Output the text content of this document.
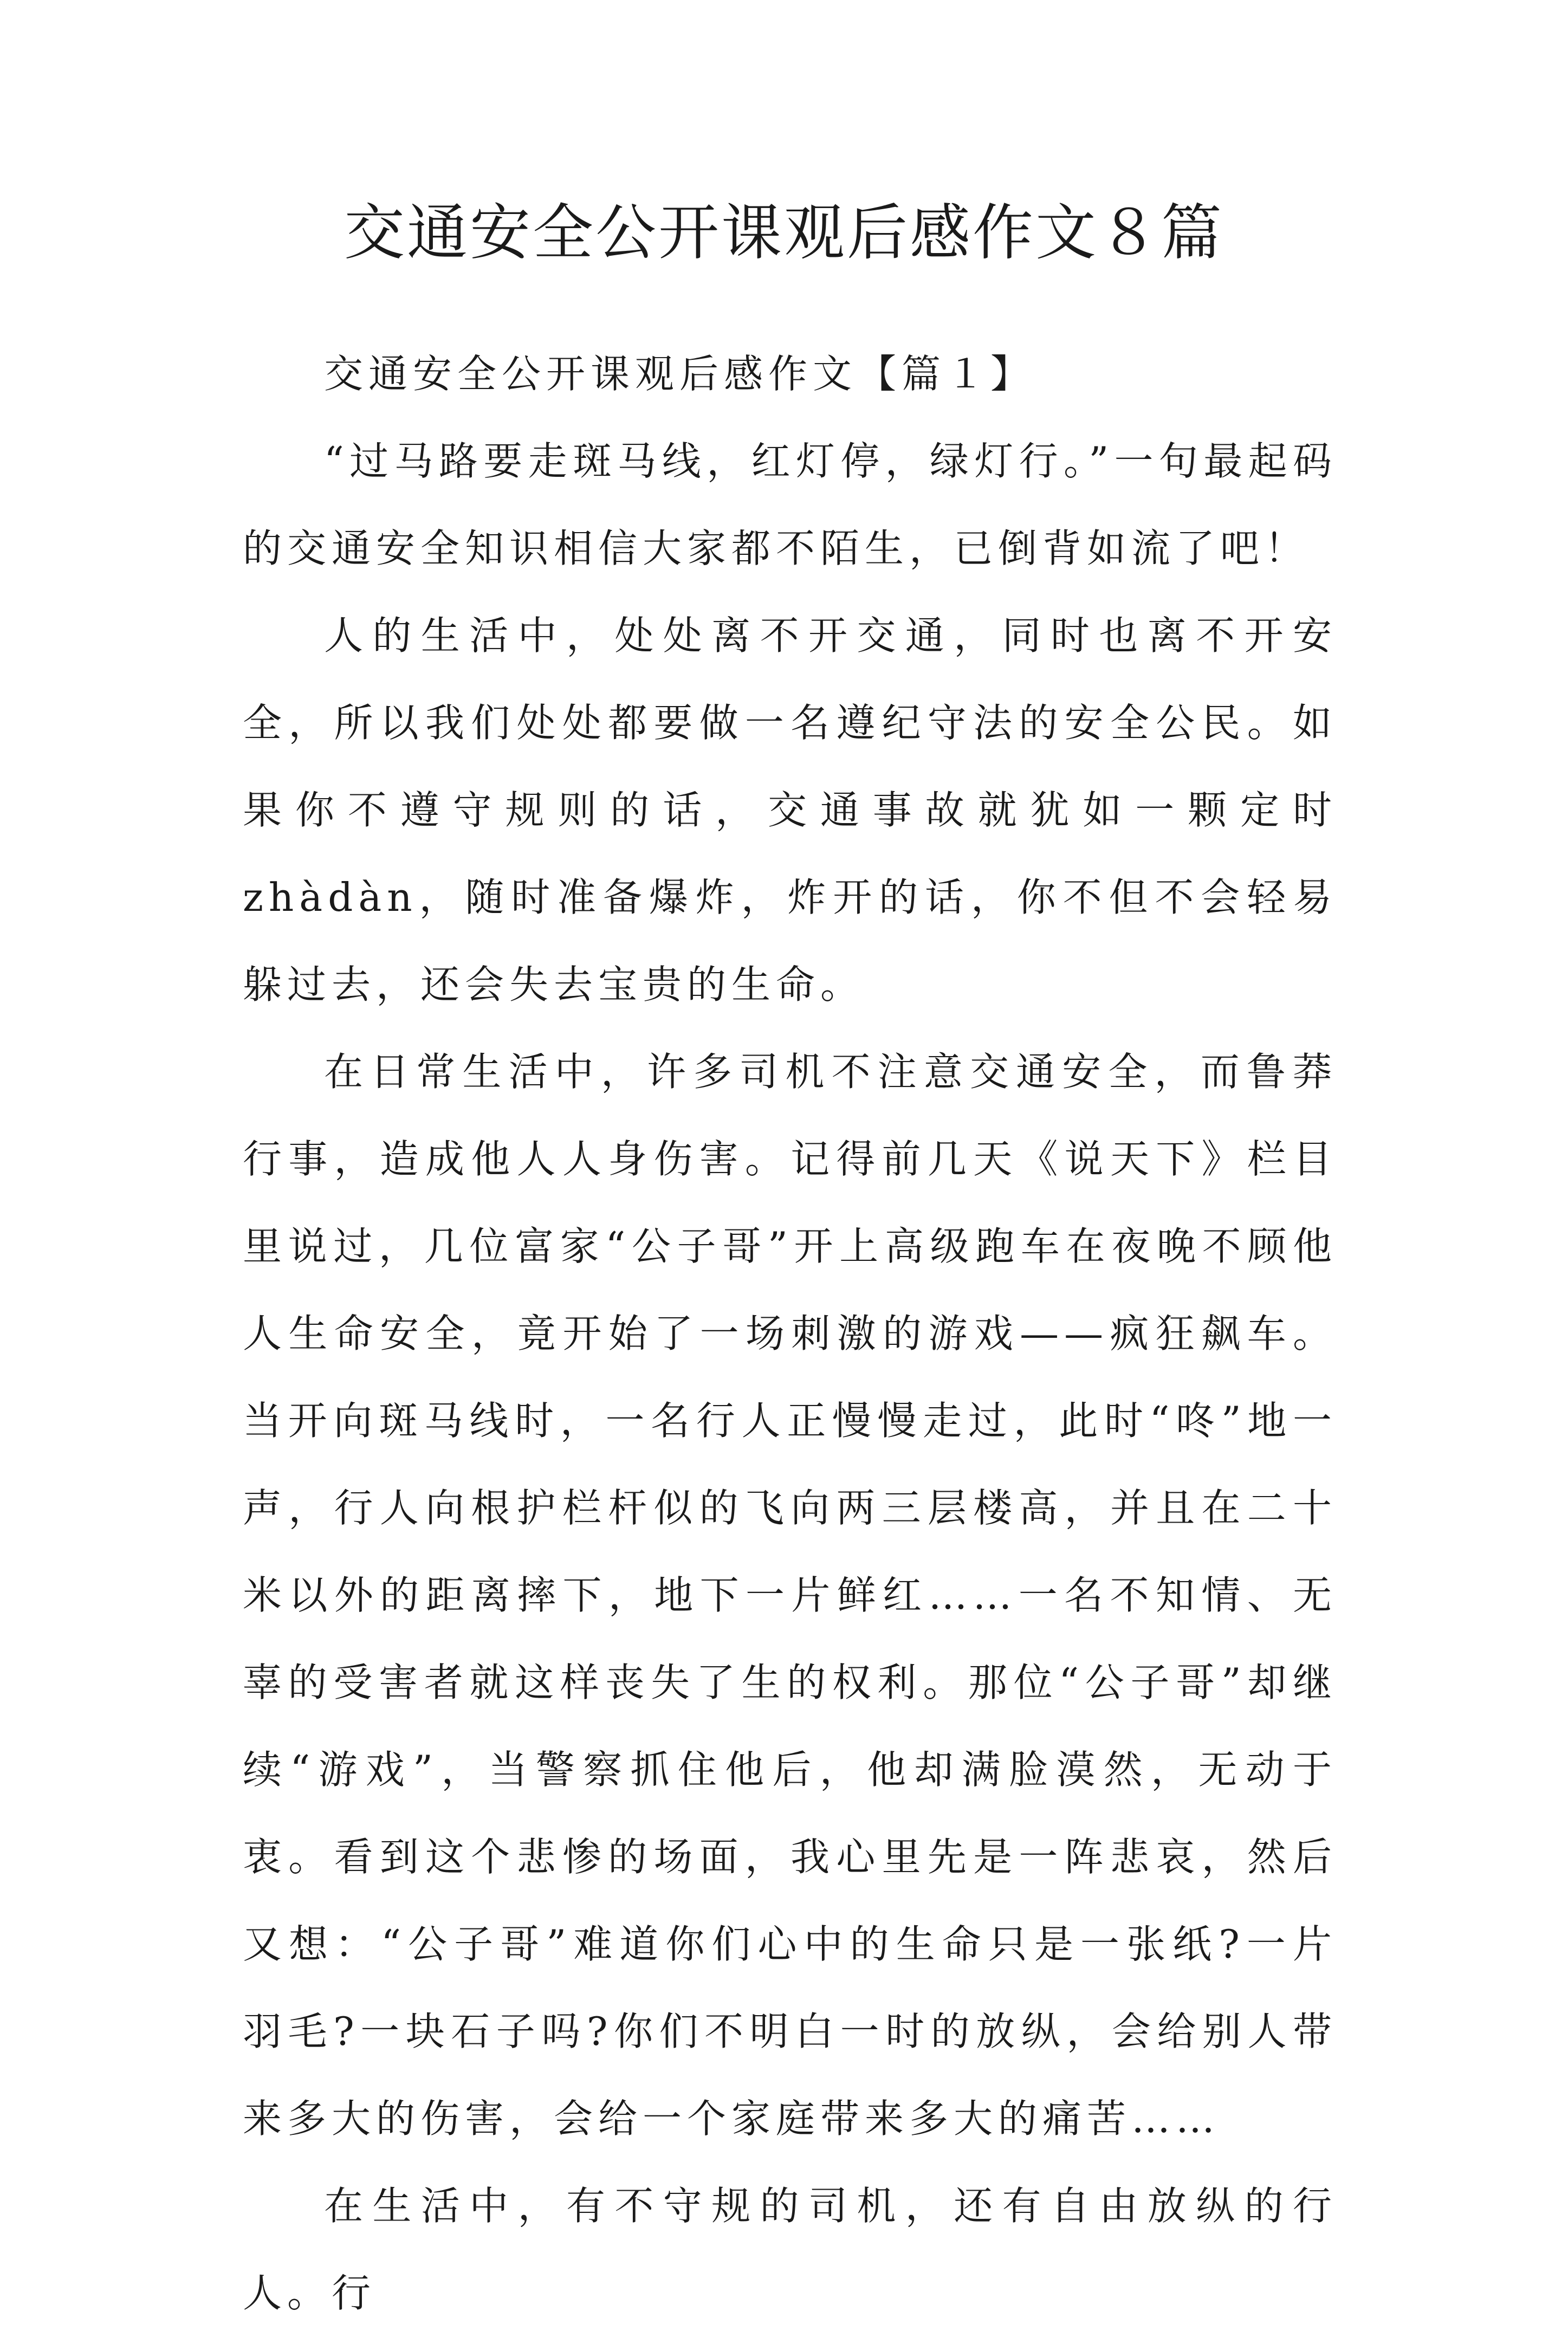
交通安全公开课观后感作文８篇

交通安全公开课观后感作文【篇１】

“过马路要走斑马线，红灯停，绿灯行。”一句最起码的交通安全知识相信大家都不陌生，已倒背如流了吧！

人的生活中，处处离不开交通，同时也离不开安全，所以我们处处都要做一名遵纪守法的安全公民。如果你不遵守规则的话，交通事故就犹如一颗定时zhàdàn，随时准备爆炸，炸开的话，你不但不会轻易躲过去，还会失去宝贵的生命。

在日常生活中，许多司机不注意交通安全，而鲁莽行事，造成他人人身伤害。记得前几天《说天下》栏目里说过，几位富家“公子哥”开上高级跑车在夜晚不顾他人生命安全，竟开始了一场刺激的游戏——疯狂飙车。当开向斑马线时，一名行人正慢慢走过，此时“咚”地一声，行人向根护栏杆似的飞向两三层楼高，并且在二十米以外的距离摔下，地下一片鲜红……一名不知情、无辜的受害者就这样丧失了生的权利。那位“公子哥”却继续“游戏”，当警察抓住他后，他却满脸漠然，无动于衷。看到这个悲惨的场面，我心里先是一阵悲哀，然后又想：“公子哥”难道你们心中的生命只是一张纸?一片羽毛?一块石子吗?你们不明白一时的放纵，会给别人带来多大的伤害，会给一个家庭带来多大的痛苦……

在生活中，有不守规的司机，还有自由放纵的行人。行
